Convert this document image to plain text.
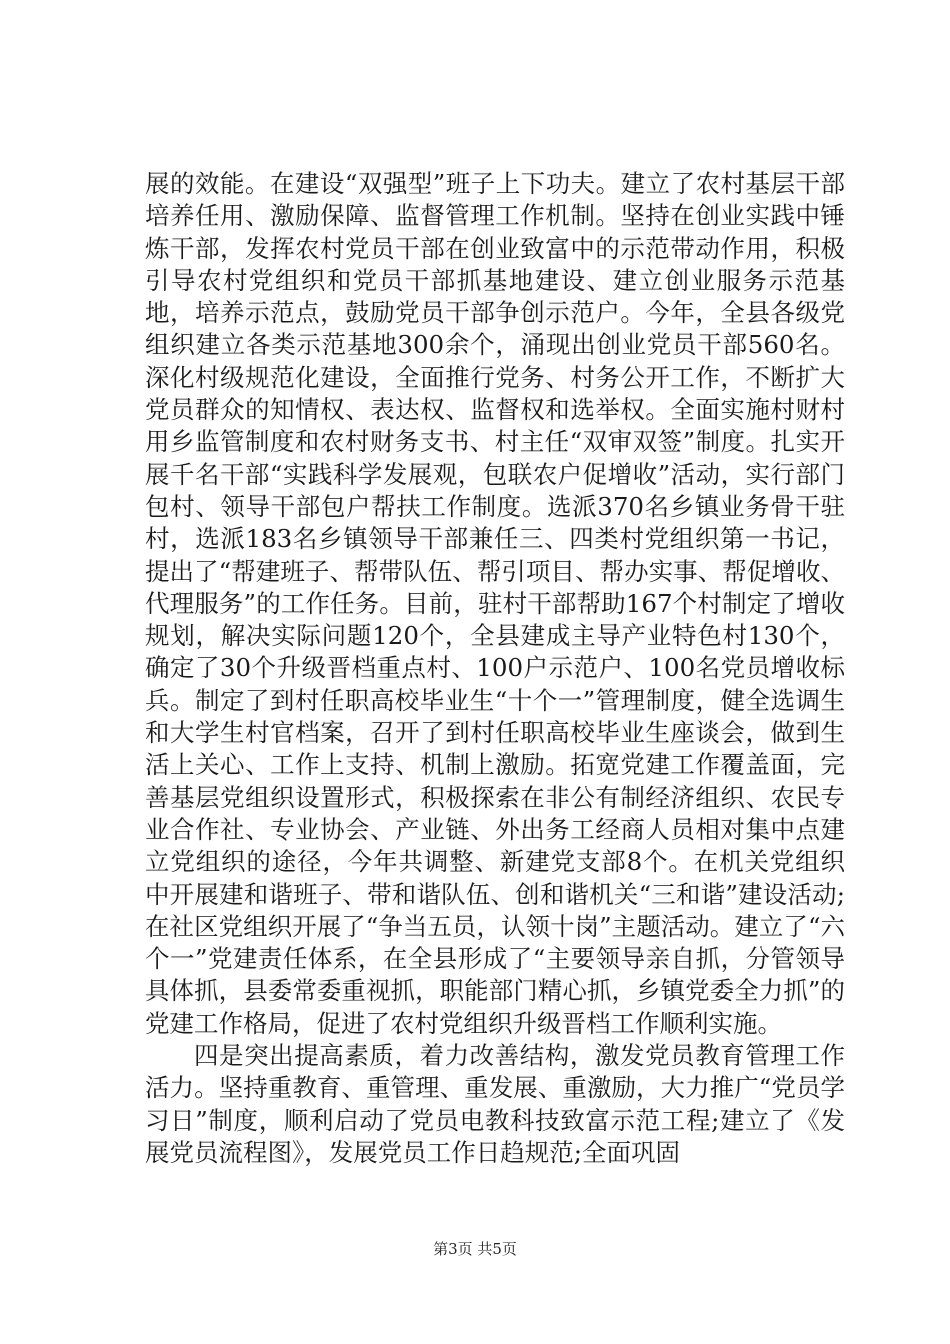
展的效能。在建设“双强型”班子上下功夫。建立了农村基层干部培养任用、激励保障、监督管理工作机制。坚持在创业实践中锤炼干部，发挥农村党员干部在创业致富中的示范带动作用，积极引导农村党组织和党员干部抓基地建设、建立创业服务示范基地，培养示范点，鼓励党员干部争创示范户。今年，全县各级党组织建立各类示范基地300余个，涌现出创业党员干部560名。深化村级规范化建设，全面推行党务、村务公开工作，不断扩大党员群众的知情权、表达权、监督权和选举权。全面实施村财村用乡监管制度和农村财务支书、村主任“双审双签”制度。扎实开展千名干部“实践科学发展观，包联农户促增收”活动，实行部门包村、领导干部包户帮扶工作制度。选派370名乡镇业务骨干驻村，选派183名乡镇领导干部兼任三、四类村党组织第一书记，提出了“帮建班子、帮带队伍、帮引项目、帮办实事、帮促增收、代理服务”的工作任务。目前，驻村干部帮助167个村制定了增收规划，解决实际问题120个，全县建成主导产业特色村130个，确定了30个升级晋档重点村、100户示范户、100名党员增收标兵。制定了到村任职高校毕业生“十个一”管理制度，健全选调生和大学生村官档案，召开了到村任职高校毕业生座谈会，做到生活上关心、工作上支持、机制上激励。拓宽党建工作覆盖面，完善基层党组织设置形式，积极探索在非公有制经济组织、农民专业合作社、专业协会、产业链、外出务工经商人员相对集中点建立党组织的途径，今年共调整、新建党支部8个。在机关党组织中开展建和谐班子、带和谐队伍、创和谐机关“三和谐”建设活动;在社区党组织开展了“争当五员，认领十岗”主题活动。建立了“六个一”党建责任体系，在全县形成了“主要领导亲自抓，分管领导具体抓，县委常委重视抓，职能部门精心抓，乡镇党委全力抓”的党建工作格局，促进了农村党组织升级晋档工作顺利实施。

四是突出提高素质，着力改善结构，激发党员教育管理工作活力。坚持重教育、重管理、重发展、重激励，大力推广“党员学习日”制度，顺利启动了党员电教科技致富示范工程;建立了《发展党员流程图》，发展党员工作日趋规范;全面巩固

第3页 共5页
